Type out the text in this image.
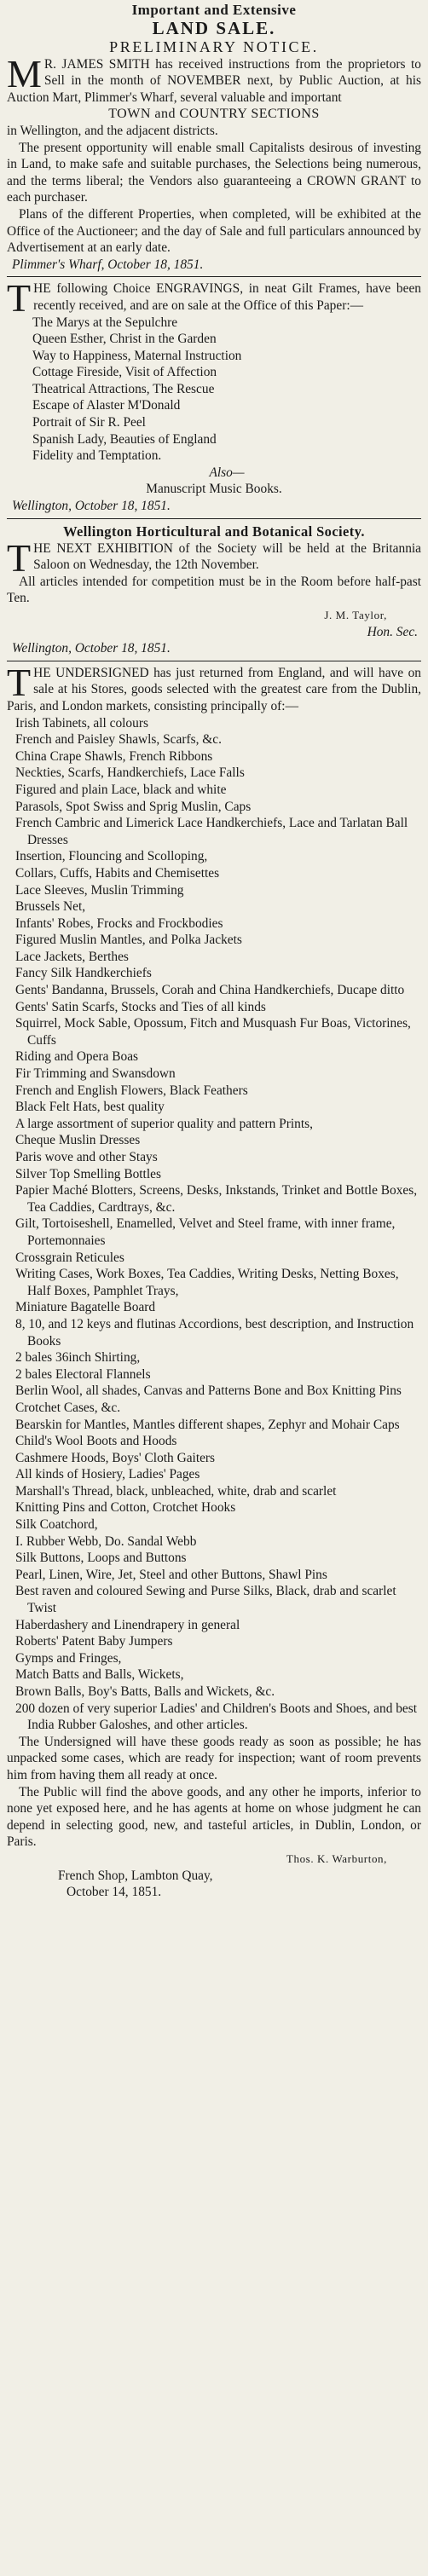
Important and Extensive
LAND SALE.
PRELIMINARY NOTICE.
M R. JAMES SMITH has received instructions from the proprietors to Sell in the month of NOVEMBER next, by Public Auction, at his Auction Mart, Plimmer's Wharf, several valuable and important
TOWN and COUNTRY SECTIONS
in Wellington, and the adjacent districts.
The present opportunity will enable small Capitalists desirous of investing in Land, to make safe and suitable purchases, the Selections being numerous, and the terms liberal; the Vendors also guaranteeing a CROWN GRANT to each purchaser.
Plans of the different Properties, when completed, will be exhibited at the Office of the Auctioneer; and the day of Sale and full particulars announced by Advertisement at an early date.
Plimmer's Wharf, October 18, 1851.
THE following Choice ENGRAVINGS, in neat Gilt Frames, have been recently received, and are on sale at the Office of this Paper:—
The Marys at the Sepulchre
Queen Esther, Christ in the Garden
Way to Happiness, Maternal Instruction
Cottage Fireside, Visit of Affection
Theatrical Attractions, The Rescue
Escape of Alaster M'Donald
Portrait of Sir R. Peel
Spanish Lady, Beauties of England
Fidelity and Temptation.
Also—
Manuscript Music Books.
Wellington, October 18, 1851.
Wellington Horticultural and Botanical Society.
THE NEXT EXHIBITION of the Society will be held at the Britannia Saloon on Wednesday, the 12th November.
All articles intended for competition must be in the Room before half-past Ten.
J. M. Taylor,
Hon. Sec.
Wellington, October 18, 1851.
THE UNDERSIGNED has just returned from England, and will have on sale at his Stores, goods selected with the greatest care from the Dublin, Paris, and London markets, consisting principally of:—
Irish Tabinets, all colours
French and Paisley Shawls, Scarfs, &c.
China Crape Shawls, French Ribbons
Neckties, Scarfs, Handkerchiefs, Lace Falls
Figured and plain Lace, black and white
Parasols, Spot Swiss and Sprig Muslin, Caps
French Cambric and Limerick Lace Handkerchiefs, Lace and Tarlatan Ball Dresses
Insertion, Flouncing and Scolloping,
Collars, Cuffs, Habits and Chemisettes
Lace Sleeves, Muslin Trimming
Brussels Net,
Infants' Robes, Frocks and Frockbodies
Figured Muslin Mantles, and Polka Jackets
Lace Jackets, Berthes
Fancy Silk Handkerchiefs
Gents' Bandanna, Brussels, Corah and China Handkerchiefs, Ducape ditto
Gents' Satin Scarfs, Stocks and Ties of all kinds
Squirrel, Mock Sable, Opossum, Fitch and Musquash Fur Boas, Victorines, Cuffs
Riding and Opera Boas
Fir Trimming and Swansdown
French and English Flowers, Black Feathers
Black Felt Hats, best quality
A large assortment of superior quality and pattern Prints,
Cheque Muslin Dresses
Paris wove and other Stays
Silver Top Smelling Bottles
Papier Maché Blotters, Screens, Desks, Inkstands, Trinket and Bottle Boxes, Tea Caddies, Cardtrays, &c.
Gilt, Tortoiseshell, Enamelled, Velvet and Steel frame, with inner frame, Portemonnaies
Crossgrain Reticules
Writing Cases, Work Boxes, Tea Caddies, Writing Desks, Netting Boxes, Half Boxes, Pamphlet Trays,
Miniature Bagatelle Board
8, 10, and 12 keys and flutinas Accordions, best description, and Instruction Books
2 bales 36inch Shirting,
2 bales Electoral Flannels
Berlin Wool, all shades, Canvas and Patterns Bone and Box Knitting Pins
Crotchet Cases, &c.
Bearskin for Mantles, Mantles different shapes, Zephyr and Mohair Caps
Child's Wool Boots and Hoods
Cashmere Hoods, Boys' Cloth Gaiters
All kinds of Hosiery, Ladies' Pages
Marshall's Thread, black, unbleached, white, drab and scarlet
Knitting Pins and Cotton, Crotchet Hooks
Silk Coatchord,
I. Rubber Webb, Do. Sandal Webb
Silk Buttons, Loops and Buttons
Pearl, Linen, Wire, Jet, Steel and other Buttons, Shawl Pins
Best raven and coloured Sewing and Purse Silks, Black, drab and scarlet Twist
Haberdashery and Linendrapery in general
Roberts' Patent Baby Jumpers
Gymps and Fringes,
Match Batts and Balls, Wickets,
Brown Balls, Boy's Batts, Balls and Wickets, &c.
200 dozen of very superior Ladies' and Children's Boots and Shoes, and best India Rubber Galoshes, and other articles.
The Undersigned will have these goods ready as soon as possible; he has unpacked some cases, which are ready for inspection; want of room prevents him from having them all ready at once.
The Public will find the above goods, and any other he imports, inferior to none yet exposed here, and he has agents at home on whose judgment he can depend in selecting good, new, and tasteful articles, in Dublin, London, or Paris.
Thos. K. Warburton,
French Shop, Lambton Quay,
October 14, 1851.
